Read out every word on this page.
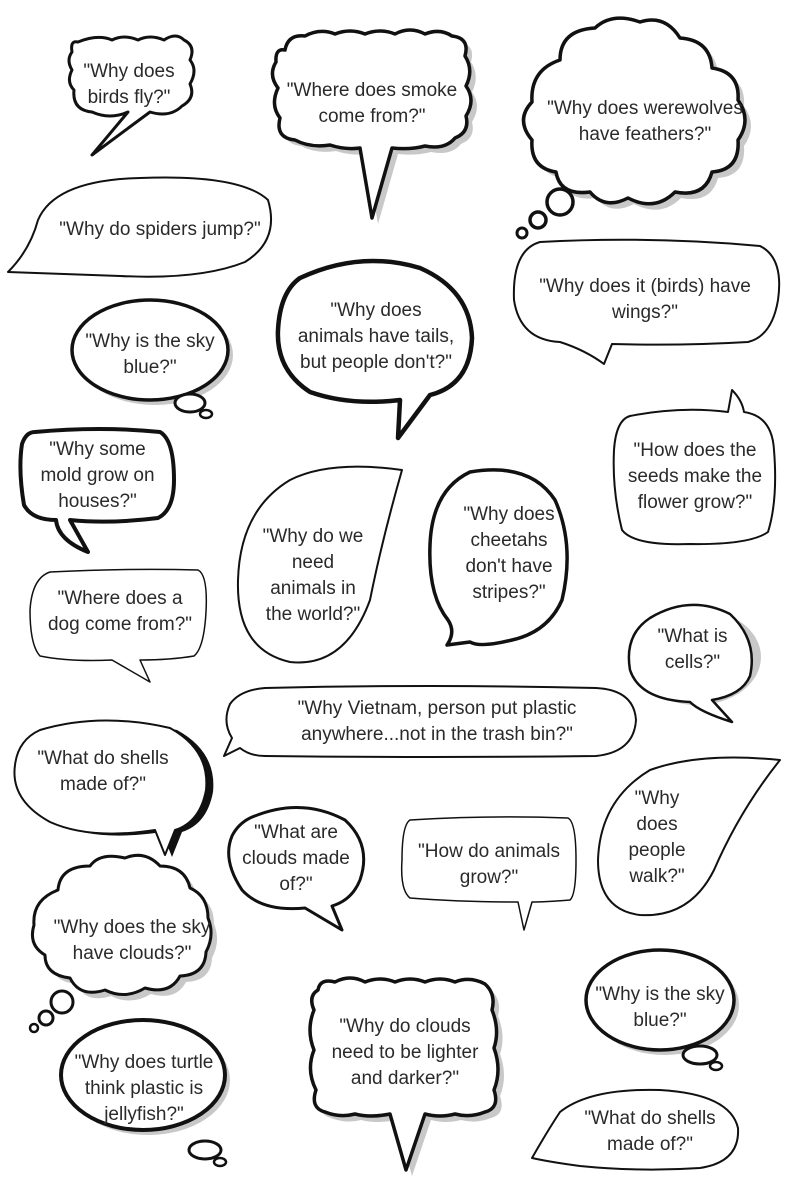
"Why does birds fly?"	"Where does smoke come from?"	"Why does werewolves have feathers?"
"Why do spiders jump?"
"Why does it (birds) have wings?"
"Why is the sky blue?"
"Why does animals have tails, but people don't?"
"Why some mold grow on houses?"
"How does the seeds make the flower grow?"
"Why do we need animals in the world?"
"Why does cheetahs don't have stripes?"
"Where does a dog come from?"
"What is cells?"
"Why Vietnam, person put plastic anywhere...not in the trash bin?"
"What do shells made of?"
"What are clouds made of?"
"How do animals grow?"
"Why does people walk?"
"Why does the sky have clouds?"
"Why does turtle think plastic is jellyfish?"
"Why do clouds need to be lighter and darker?"
"Why is the sky blue?"
"What do shells made of?"
